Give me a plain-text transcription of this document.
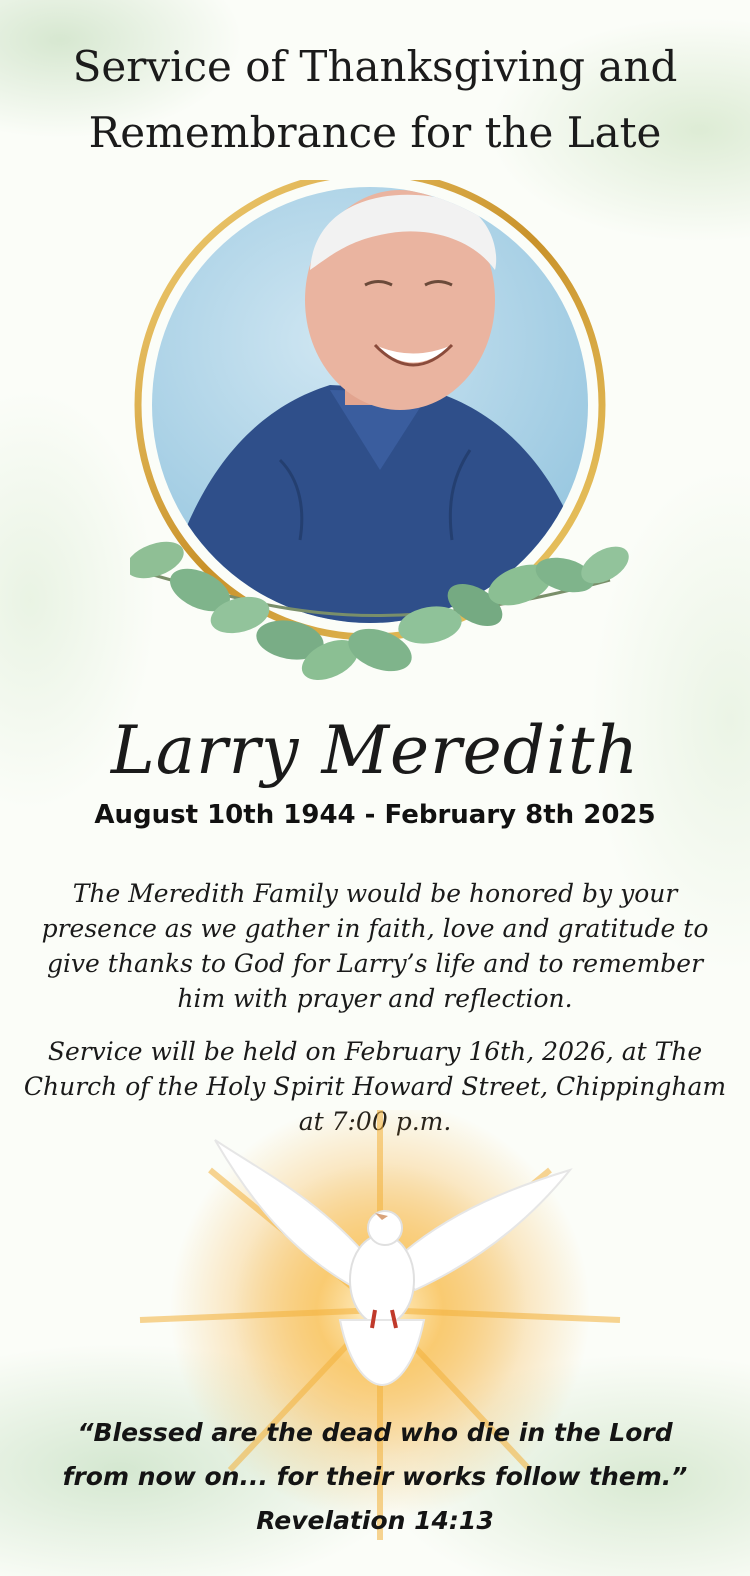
Service of Thanksgiving and
Remembrance for the Late
Larry Meredith

August 10th 1944 - February 8th 2025

The Meredith Family would be honored by your
presence as we gather in faith, love and gratitude to
give thanks to God for Larry’s life and to remember
him with prayer and reflection.
Service will be held on February 16th, 2026, at The
Church of the Holy Spirit Howard Street, Chippingham
“Blessed are the dead who die in the Lord
from now on... for their works follow them.”
Revelation 14:13
